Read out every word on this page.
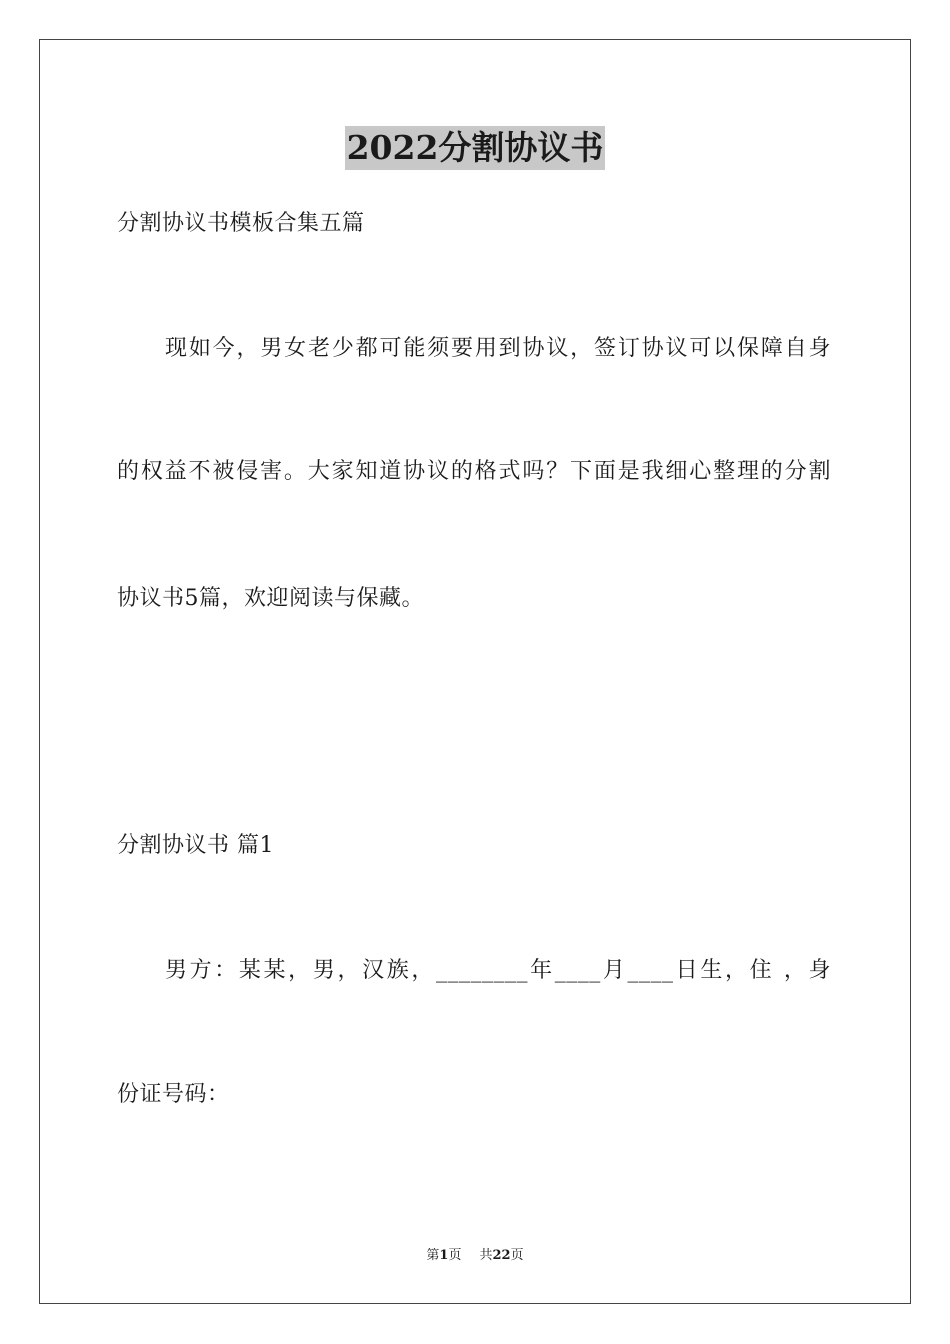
2022分割协议书
分割协议书模板合集五篇
现如今，男女老少都可能须要用到协议，签订协议可以保障自身
的权益不被侵害。大家知道协议的格式吗？下面是我细心整理的分割
协议书5篇，欢迎阅读与保藏。
分割协议书 篇1
男方：某某，男，汉族，________年____月____日生，住 ，身
份证号码：
第1页 共22页
